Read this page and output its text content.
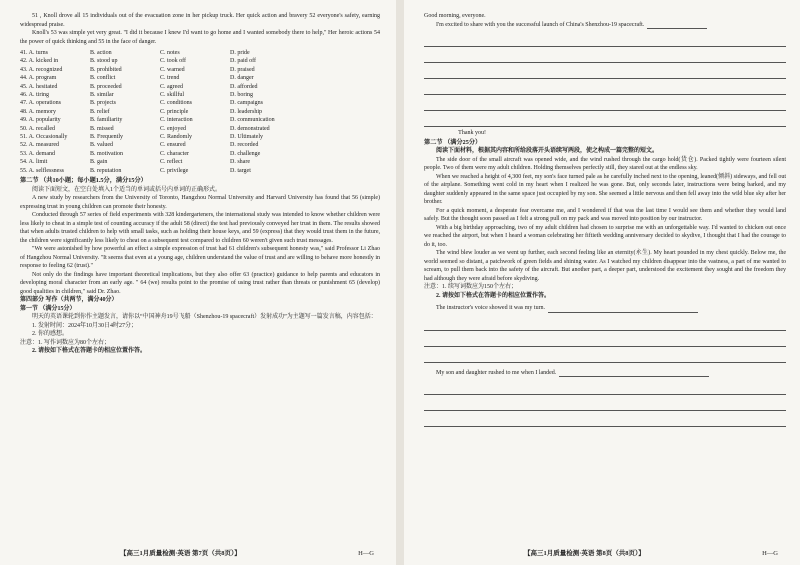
51 , Knoll drove all 15 individuals out of the evacuation zone in her pickup truck. Her quick action and bravery 52 everyone's safety, earning widespread praise.

Knoll's 53 was simple yet very great. "I did it because I knew I'd want to go home and I wanted somebody there to help," Her heroic actions 54 the power of quick thinking and 55 in the face of danger.

41. A. turns	B. action	C. notes	D. pride
42. A. kicked in	B. stood up	C. took off	D. paid off
43. A. recognized	B. prohibited	C. warned	D. praised
44. A. program	B. conflict	C. trend	D. danger
45. A. hesitated	B. proceeded	C. agreed	D. afforded
46. A. tiring	B. similar	C. skillful	D. boring
47. A. operations	B. projects	C. conditions	D. campaigns
48. A. memory	B. relief	C. principle	D. leadership
49. A. popularity	B. familiarity	C. interaction	D. communication
50. A. recalled	B. missed	C. enjoyed	D. demonstrated
51. A. Occasionally	B. Frequently	C. Randomly	D. Ultimately
52. A. measured	B. valued	C. ensured	D. recorded
53. A. demand	B. motivation	C. character	D. challenge
54. A. limit	B. gain	C. reflect	D. share
55. A. selflessness	B. reputation	C. privilege	D. target

第二节 （共10小题；每小题1.5分，满分15分）

阅读下面短文，在空白处填入1个适当的单词或括号内单词的正确形式。

A new study by researchers from the University of Toronto, Hangzhou Normal University and Harvard University has found that 56 (simple) expressing trust in young children can promote their honesty.

Conducted through 57 series of field experiments with 328 kindergarteners, the international study was intended to know whether children were less likely to cheat in a simple test of counting accuracy if the adult 58 (direct) the test had previously conveyed her trust in them. The results showed that when adults trusted children to help with small tasks, such as holding their house keys, and 59 (express) that they would trust them in the future, the children were significantly less likely to cheat on a subsequent test compared to children 60 weren't given such trust messages.

"We were astonished by how powerful an effect a simple expression of trust had 61 children's subsequent honesty was," said Professor Li Zhao of Hangzhou Normal University. "It seems that even at a young age, children understand the value of trust and are willing to behave more honestly in response to feeling 62 (trust)."

Not only do the findings have important theoretical implications, but they also offer 63 (practice) guidance to help parents and educators in developing moral character from an early age. " 64 (we) results point to the promise of using trust rather than threats or punishment 65 (develop) good qualities in children," said Dr. Zhao.

第四部分 写作（共两节，满分40分）

第一节 （满分15分）

明天的英语课轮到你作主题发言，请你以“中国神舟19号飞船（Shenzhou-19 spacecraft）发射成功”为主题写一篇发言稿，内容包括：

1. 发射时间：2024年10月30日4时27分；

2. 你的感想。

注意：1. 写作词数应为80个左右；

2. 请按如下格式在答题卡的相应位置作答。

【高三1月质量检测·英语 第7页（共8页）】	H—G

Good morning, everyone.

I'm excited to share with you the successful launch of China's Shenzhou-19 spacecraft.

Thank you!

第二节 （满分25分）

阅读下面材料，根据其内容和所给段落开头语续写两段，使之构成一篇完整的短文。

The side door of the small aircraft was opened wide, and the wind rushed through the cargo hold(货仓). Packed tightly were fourteen silent people. Two of them were my adult children. Holding themselves perfectly still, they stared out at the endless sky.

When we reached a height of 4,300 feet, my son's face turned pale as he carefully inched next to the opening, leaned(倾斜) sideways, and fell out of the airplane. Something went cold in my heart when I realized he was gone. But, only seconds later, instructions were being barked, and my daughter suddenly appeared in the same space just occupied by my son. She seemed a little nervous and then fell away into the wild blue sky after her brother.

For a quick moment, a desperate fear overcame me, and I wondered if that was the last time I would see them and whether they would land safely. But the thought soon passed as I felt a strong pull on my pack and was moved into position by our instructor.

With a big birthday approaching, two of my adult children had chosen to surprise me with an unforgettable way. I'd wanted to chicken out once we reached the airport, but when I heard a woman celebrating her fiftieth wedding anniversary decided to skydive, I thought that I had the courage to do it, too.

The wind blew louder as we went up further, each second feeling like an eternity(永生). My heart pounded in my chest quickly. Below me, the world seemed so distant, a patchwork of green fields and shining water. As I watched my children disappear into the vastness, a part of me wanted to scream, to pull them back into the safety of the aircraft. But another part, a deeper part, understood the excitement they sought and the freedom they had although they were afraid before skydiving.

注意：1. 续写词数应为150个左右；

2. 请按如下格式在答题卡的相应位置作答。

The instructor's voice showed it was my turn.

My son and daughter rushed to me when I landed.

【高三1月质量检测·英语 第8页（共8页）】	H—G
